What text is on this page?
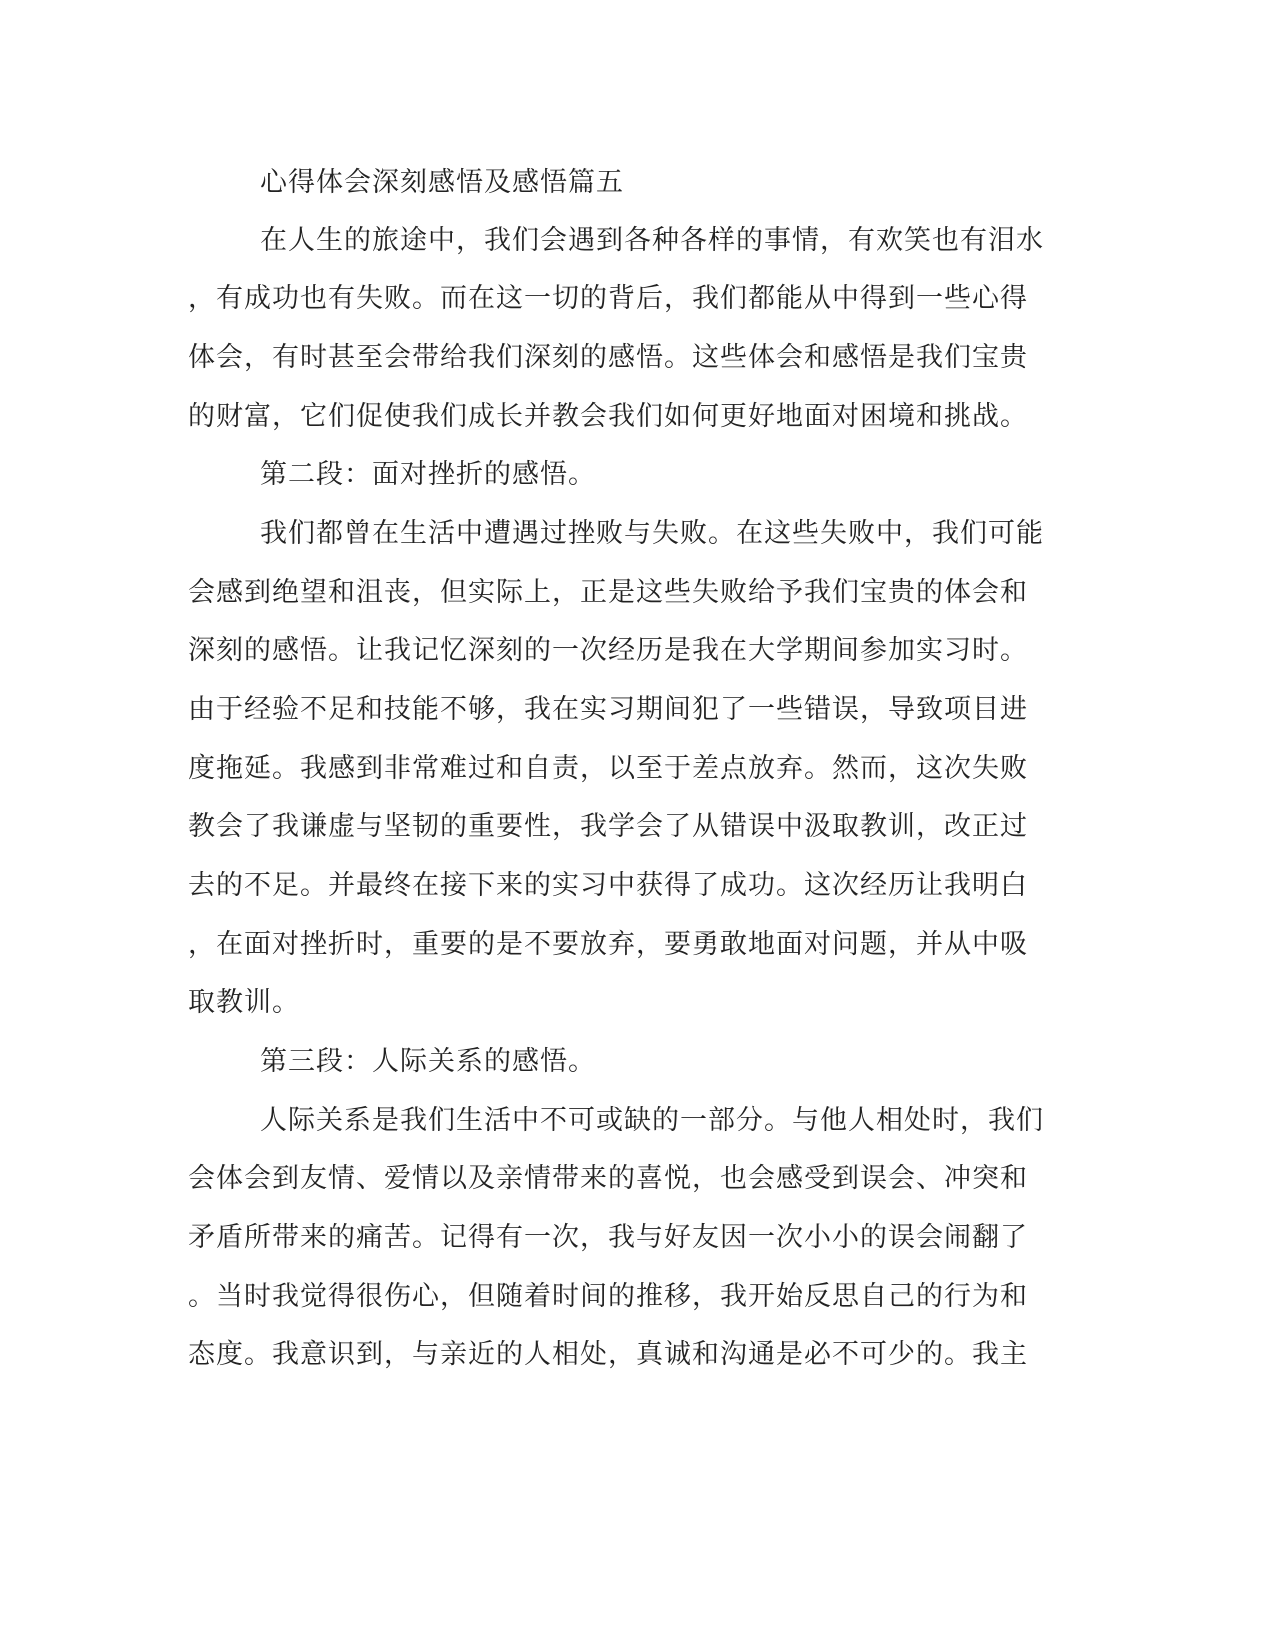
心得体会深刻感悟及感悟篇五
在人生的旅途中，我们会遇到各种各样的事情，有欢笑也有泪水
，有成功也有失败。而在这一切的背后，我们都能从中得到一些心得
体会，有时甚至会带给我们深刻的感悟。这些体会和感悟是我们宝贵
的财富，它们促使我们成长并教会我们如何更好地面对困境和挑战。
第二段：面对挫折的感悟。
我们都曾在生活中遭遇过挫败与失败。在这些失败中，我们可能
会感到绝望和沮丧，但实际上，正是这些失败给予我们宝贵的体会和
深刻的感悟。让我记忆深刻的一次经历是我在大学期间参加实习时。
由于经验不足和技能不够，我在实习期间犯了一些错误，导致项目进
度拖延。我感到非常难过和自责，以至于差点放弃。然而，这次失败
教会了我谦虚与坚韧的重要性，我学会了从错误中汲取教训，改正过
去的不足。并最终在接下来的实习中获得了成功。这次经历让我明白
，在面对挫折时，重要的是不要放弃，要勇敢地面对问题，并从中吸
取教训。
第三段：人际关系的感悟。
人际关系是我们生活中不可或缺的一部分。与他人相处时，我们
会体会到友情、爱情以及亲情带来的喜悦，也会感受到误会、冲突和
矛盾所带来的痛苦。记得有一次，我与好友因一次小小的误会闹翻了
。当时我觉得很伤心，但随着时间的推移，我开始反思自己的行为和
态度。我意识到，与亲近的人相处，真诚和沟通是必不可少的。我主
